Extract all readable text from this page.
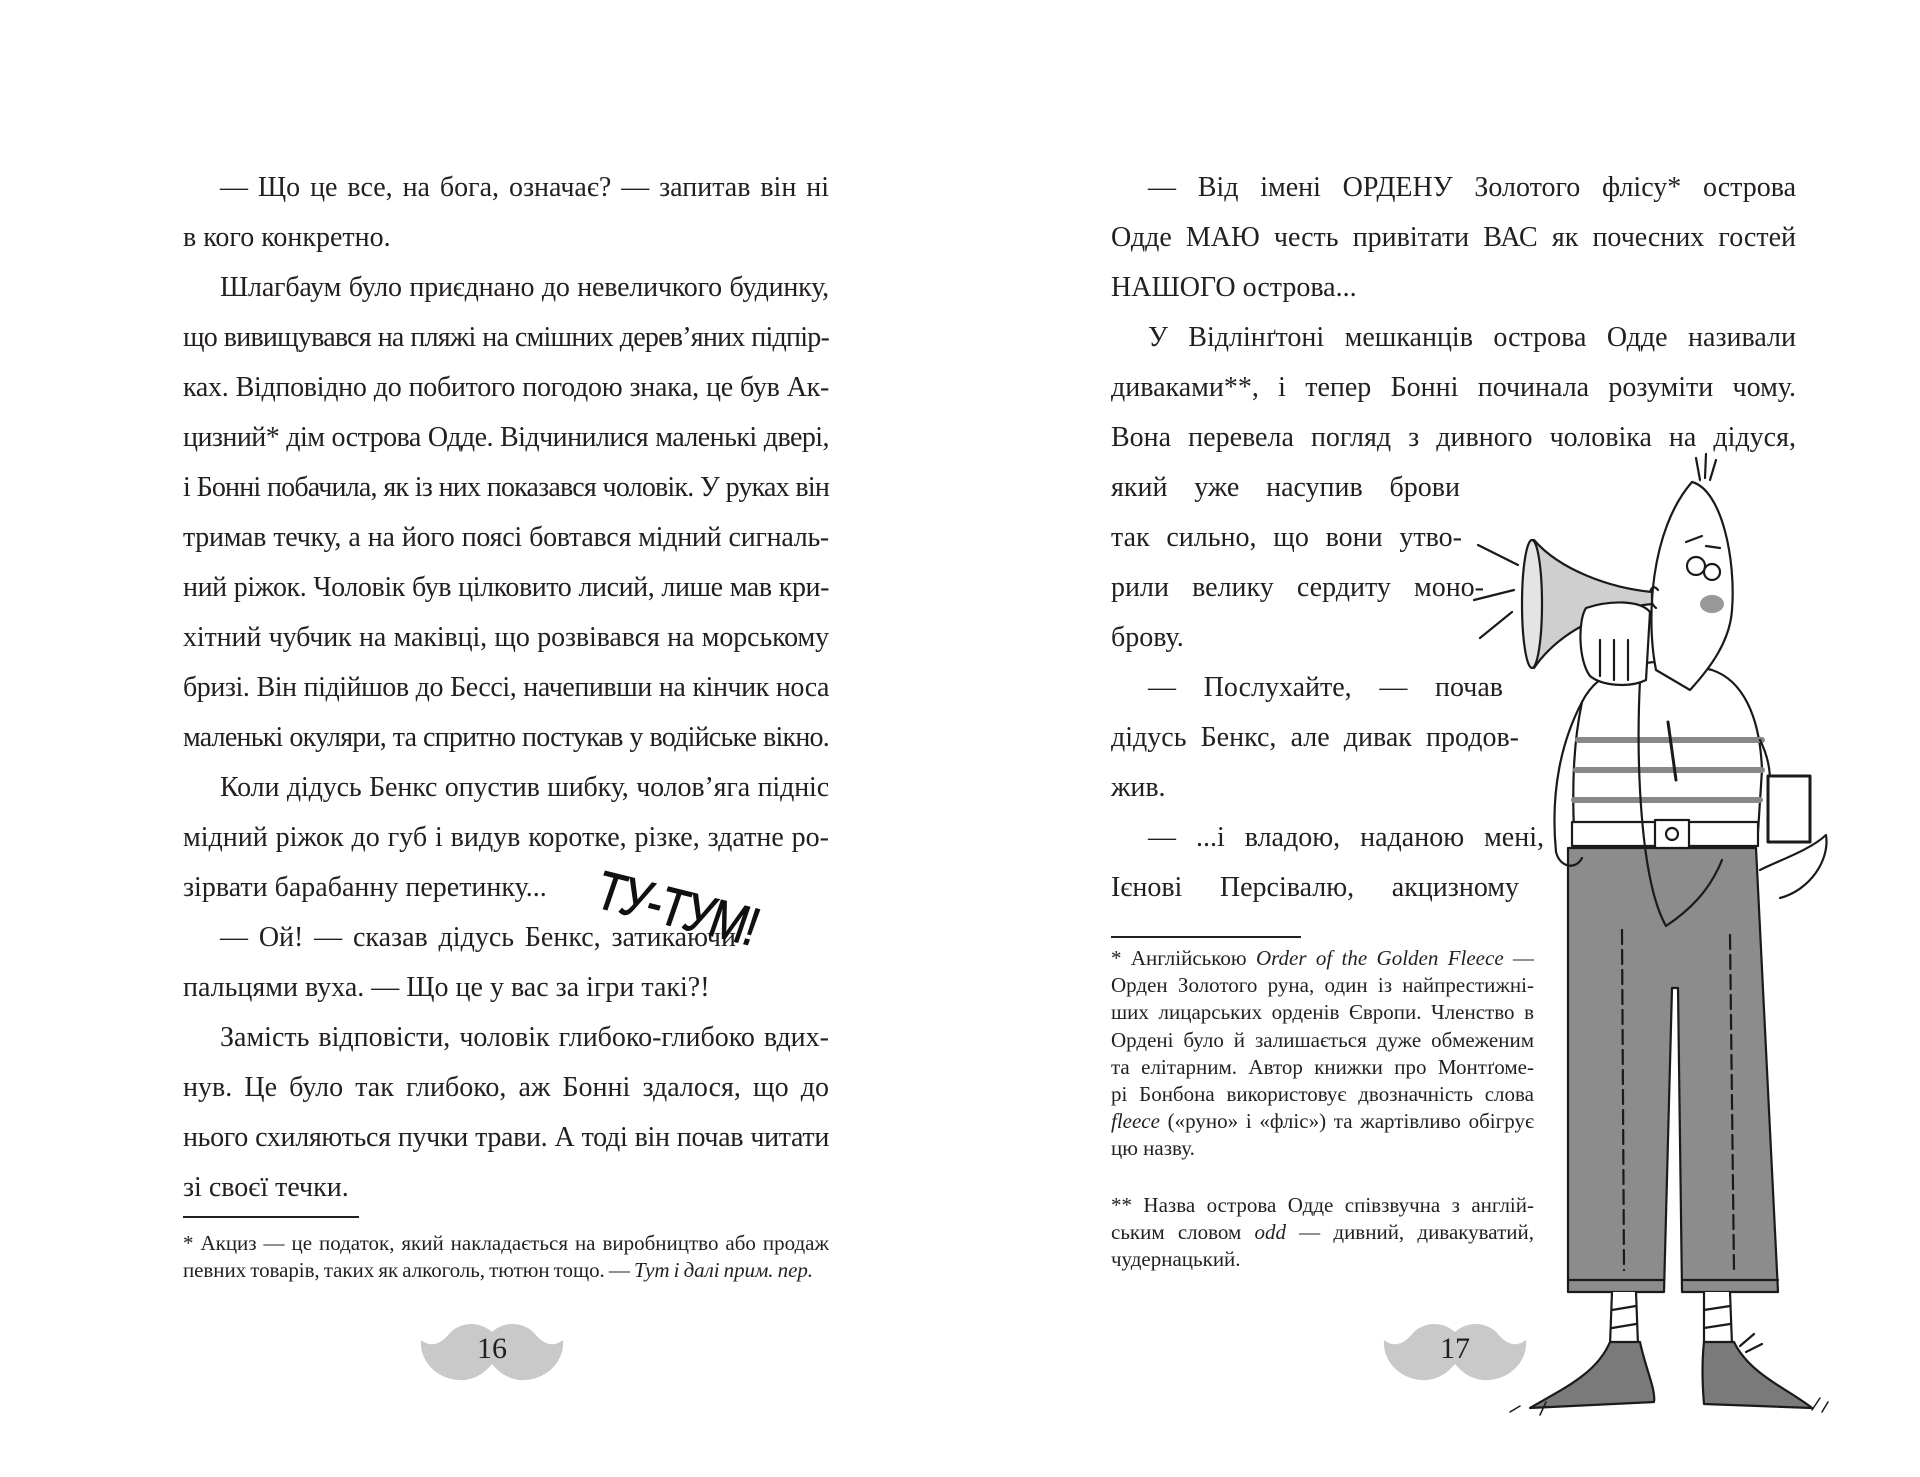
— Що це все, на бога, означає? — запитав він ні
в кого конкретно.
Шлагбаум було приєднано до невеличкого будинку,
що вивищувався на пляжі на смішних дерев’яних підпір-
ках. Відповідно до побитого погодою знака, це був Ак-
цизний* дім острова Одде. Відчинилися маленькі двері,
і Бонні побачила, як із них показався чоловік. У руках він
тримав течку, а на його поясі бовтався мідний сигналь-
ний ріжок. Чоловік був цілковито лисий, лише мав кри-
хітний чубчик на маківці, що розвівався на морському
бризі. Він підійшов до Бессі, начепивши на кінчик носа
маленькі окуляри, та спритно постукав у водійське вікно.
Коли дідусь Бенкс опустив шибку, чолов’яга підніс
мідний ріжок до губ і видув коротке, різке, здатне ро-
зірвати барабанну перетинку...
— Ой! — сказав дідусь Бенкс, затикаючи
пальцями вуха. — Що це у вас за ігри такі?!
Замість відповісти, чоловік глибоко-глибоко вдих-
нув. Це було так глибоко, аж Бонні здалося, що до
нього схиляються пучки трави. А тоді він почав читати
зі своєї течки.
— Від імені ОРДЕНУ Золотого флісу* острова
Одде МАЮ честь привітати ВАС як почесних гостей
НАШОГО острова...
У Відлінґтоні мешканців острова Одде називали
диваками**, і тепер Бонні починала розуміти чому.
Вона перевела погляд з дивного чоловіка на дідуся,
який уже насупив брови
так сильно, що вони утво-
рили велику сердиту моно-
брову.
— Послухайте, — почав
дідусь Бенкс, але дивак продов-
жив.
— ...і владою, наданою мені,
Ієнові Персівалю, акцизному
ТУ-ТУМ!
* Акциз — це податок, який накладається на виробництво або продаж
певних товарів, таких як алкоголь, тютюн тощо. — Тут і далі прим. пер.
* Англійською Order of the Golden Fleece —
Орден Золотого руна, один із найпрестижні-
ших лицарських орденів Європи. Членство в
Ордені було й залишається дуже обмеженим
та елітарним. Автор книжки про Монтґоме-
рі Бонбона використовує двозначність слова
fleece («руно» і «фліс») та жартівливо обігрує
цю назву.
** Назва острова Одде співзвучна з англій-
ським словом odd — дивний, дивакуватий,
чудернацький.
16	17
